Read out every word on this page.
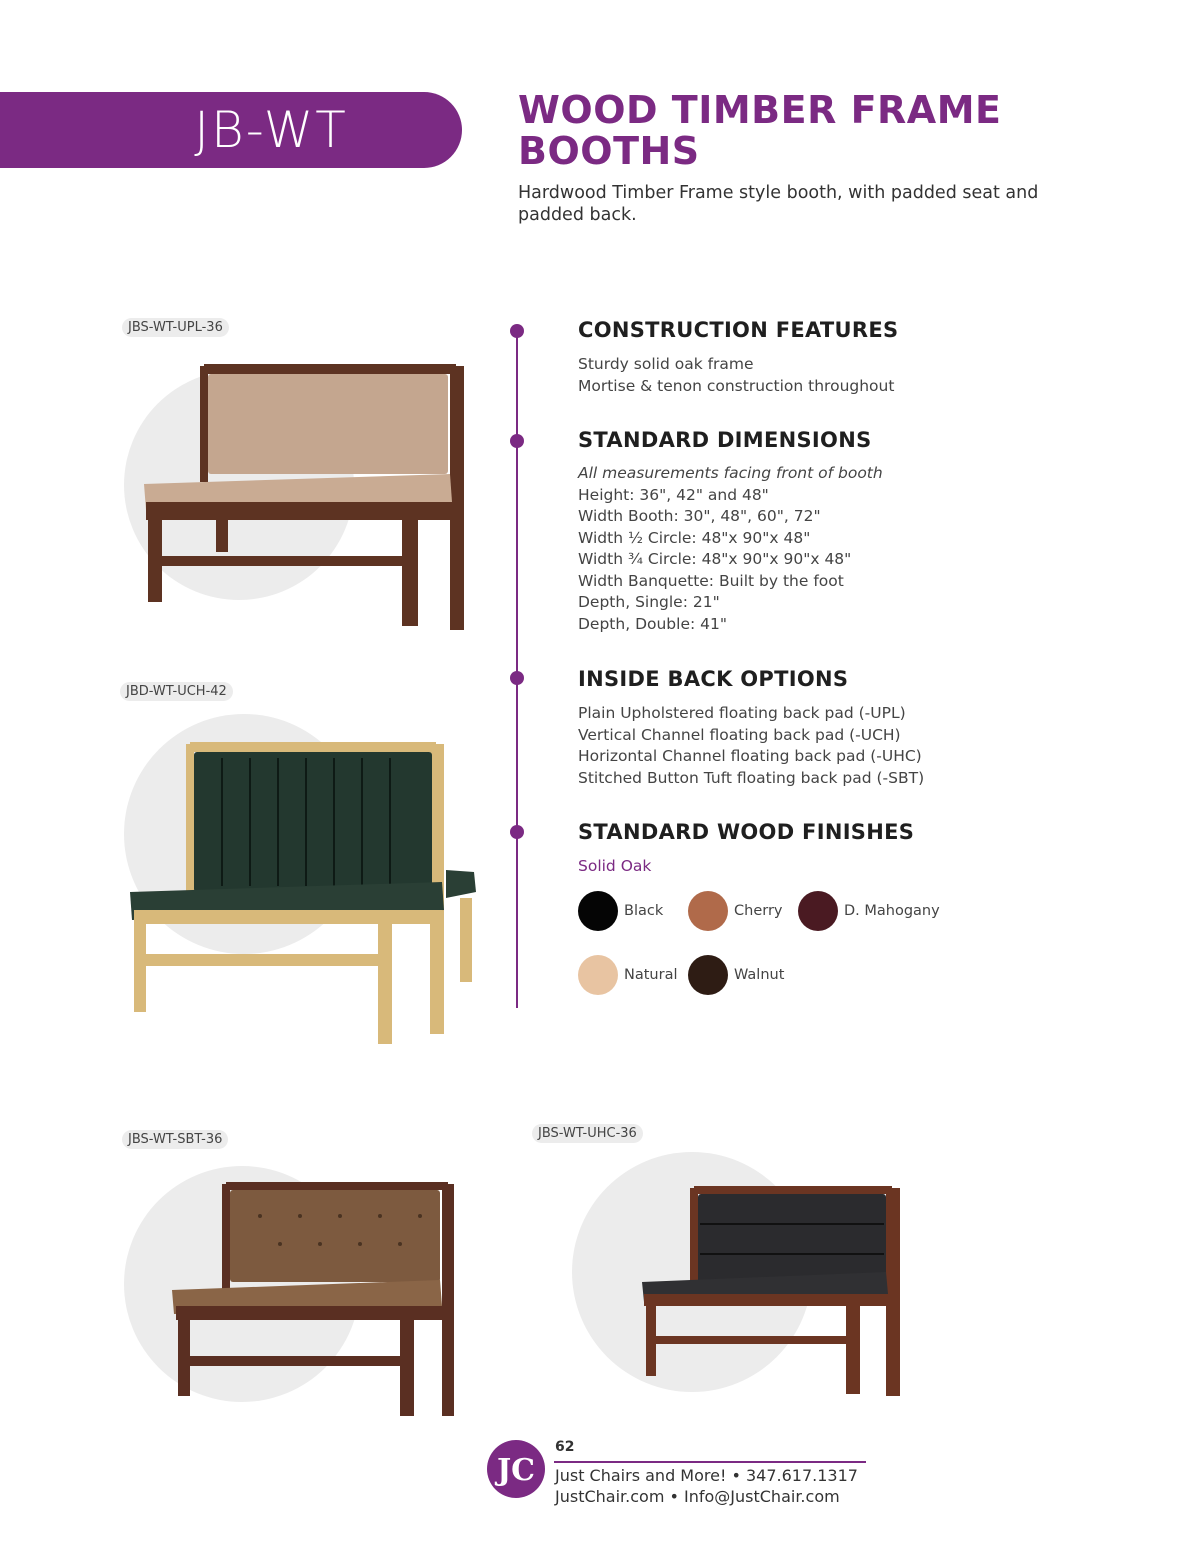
JB-WT	WOOD TIMBER FRAME BOOTHS
Hardwood Timber Frame style booth, with padded seat and padded back.
JBS-WT-UPL-36
JBD-WT-UCH-42
JBS-WT-SBT-36	JBS-WT-UHC-36
CONSTRUCTION FEATURES
Sturdy solid oak frame
Mortise & tenon construction throughout
STANDARD DIMENSIONS
All measurements facing front of booth
Height: 36", 42" and 48"
Width Booth: 30", 48", 60", 72"
Width ½ Circle: 48"x 90"x 48"
Width ¾ Circle: 48"x 90"x 90"x 48"
Width Banquette: Built by the foot
Depth, Single: 21"
Depth, Double: 41"
INSIDE BACK OPTIONS
Plain Upholstered floating back pad (-UPL)
Vertical Channel floating back pad (-UCH)
Horizontal Channel floating back pad (-UHC)
Stitched Button Tuft floating back pad (-SBT)
STANDARD WOOD FINISHES
Solid Oak
Black	Cherry	D. Mahogany
Natural	Walnut
JC
62
Just Chairs and More! • 347.617.1317
JustChair.com • Info@JustChair.com
